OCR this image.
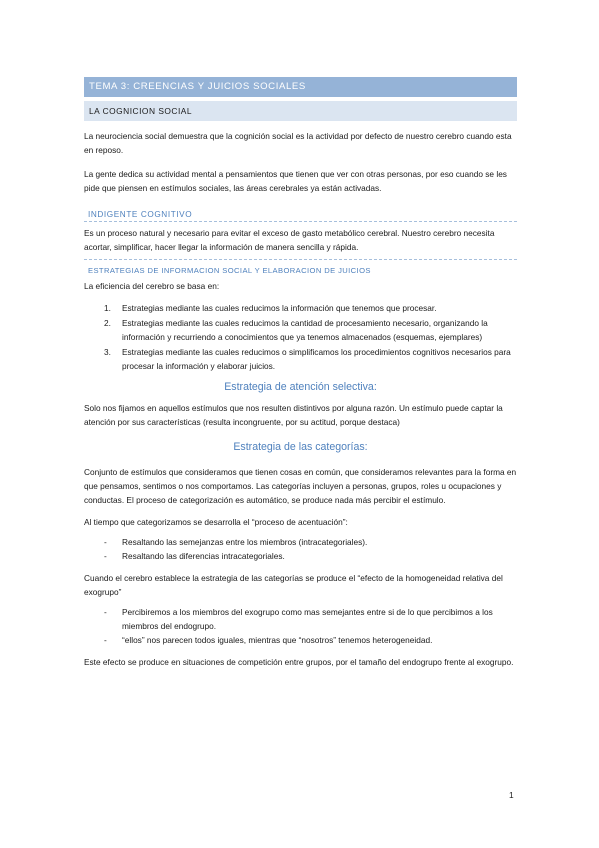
TEMA 3: CREENCIAS Y JUICIOS SOCIALES
LA COGNICION SOCIAL

La neurociencia social demuestra que la cognición social es la actividad por defecto de nuestro cerebro cuando esta en reposo.

La gente dedica su actividad mental a pensamientos que tienen que ver con otras personas, por eso cuando se les pide que piensen en estímulos sociales, las áreas cerebrales ya están activadas.

INDIGENTE COGNITIVO

Es un proceso natural y necesario para evitar el exceso de gasto metabólico cerebral. Nuestro cerebro necesita acortar, simplificar, hacer llegar la información de manera sencilla y rápida.

ESTRATEGIAS DE INFORMACION SOCIAL Y ELABORACION DE JUICIOS

La eficiencia del cerebro se basa en:

1. Estrategias mediante las cuales reducimos la información que tenemos que procesar.
2. Estrategias mediante las cuales reducimos la cantidad de procesamiento necesario, organizando la información y recurriendo a conocimientos que ya tenemos almacenados (esquemas, ejemplares)
3. Estrategias mediante las cuales reducimos o simplificamos los procedimientos cognitivos necesarios para procesar la información y elaborar juicios.
Estrategia de atención selectiva:

Solo nos fijamos en aquellos estímulos que nos resulten distintivos por alguna razón. Un estímulo puede captar la atención por sus características (resulta incongruente, por su actitud, porque destaca)

Estrategia de las categorías:

Conjunto de estímulos que consideramos que tienen cosas en común, que consideramos relevantes para la forma en que pensamos, sentimos o nos comportamos. Las categorías incluyen a personas, grupos, roles u ocupaciones y conductas. El proceso de categorización es automático, se produce nada más percibir el estímulo.

Al tiempo que categorizamos se desarrolla el “proceso de acentuación”:

- Resaltando las semejanzas entre los miembros (intracategoriales).
- Resaltando las diferencias intracategoriales.

Cuando el cerebro establece la estrategia de las categorías se produce el “efecto de la homogeneidad relativa del exogrupo”

- Percibiremos a los miembros del exogrupo como mas semejantes entre si de lo que percibimos a los miembros del endogrupo.
- “ellos” nos parecen todos iguales, mientras que “nosotros” tenemos heterogeneidad.

Este efecto se produce en situaciones de competición entre grupos, por el tamaño del endogrupo frente al exogrupo.

1
